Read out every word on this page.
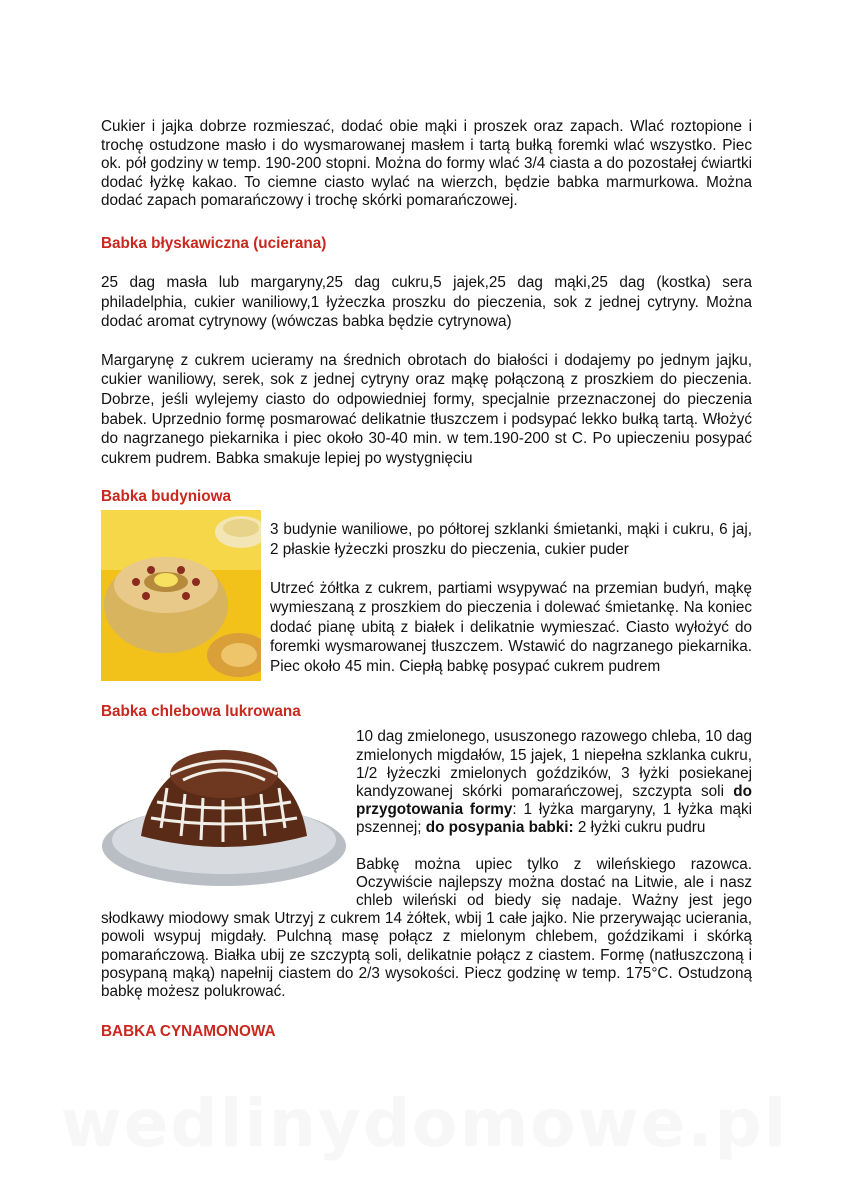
Cukier i jajka dobrze rozmieszać, dodać obie mąki i proszek oraz zapach. Wlać roztopione i trochę ostudzone masło i do wysmarowanej masłem i tartą bułką foremki wlać wszystko. Piec ok. pół godziny w temp. 190-200 stopni. Można do formy wlać 3/4 ciasta a do pozostałej ćwiartki dodać łyżkę kakao. To ciemne ciasto wylać na wierzch, będzie babka marmurkowa. Można dodać zapach pomarańczowy i trochę skórki pomarańczowej.

Babka błyskawiczna (ucierana)

25 dag masła lub margaryny,25 dag cukru,5 jajek,25 dag mąki,25 dag (kostka) sera philadelphia, cukier waniliowy,1 łyżeczka proszku do pieczenia, sok z jednej cytryny. Można dodać aromat cytrynowy (wówczas babka będzie cytrynowa)

Margarynę z cukrem ucieramy na średnich obrotach do białości i dodajemy po jednym jajku, cukier waniliowy, serek, sok z jednej cytryny oraz mąkę połączoną z proszkiem do pieczenia. Dobrze, jeśli wylejemy ciasto do odpowiedniej formy, specjalnie przeznaczonej do pieczenia babek. Uprzednio formę posmarować delikatnie tłuszczem i podsypać lekko bułką tartą. Włożyć do nagrzanego piekarnika i piec około 30-40 min. w tem.190-200 st C. Po upieczeniu posypać cukrem pudrem. Babka smakuje lepiej po wystygnięciu

Babka budyniowa

3 budynie waniliowe, po półtorej szklanki śmietanki, mąki i cukru, 6 jaj, 2 płaskie łyżeczki proszku do pieczenia, cukier puder

Utrzeć żółtka z cukrem, partiami wsypywać na przemian budyń, mąkę wymieszaną z proszkiem do pieczenia i dolewać śmietankę. Na koniec dodać pianę ubitą z białek i delikatnie wymieszać. Ciasto wyłożyć do foremki wysmarowanej tłuszczem. Wstawić do nagrzanego piekarnika. Piec około 45 min. Ciepłą babkę posypać cukrem pudrem

Babka chlebowa lukrowana

10 dag zmielonego, ususzonego razowego chleba, 10 dag zmielonych migdałów, 15 jajek, 1 niepełna szklanka cukru, 1/2 łyżeczki zmielonych goździków, 3 łyżki posiekanej kandyzowanej skórki pomarańczowej, szczypta soli do przygotowania formy: 1 łyżka margaryny, 1 łyżka mąki pszennej; do posypania babki: 2 łyżki cukru pudru

Babkę można upiec tylko z wileńskiego razowca. Oczywiście najlepszy można dostać na Litwie, ale i nasz chleb wileński od biedy się nadaje. Ważny jest jego słodkawy miodowy smak Utrzyj z cukrem 14 żółtek, wbij 1 całe jajko. Nie przerywając ucierania, powoli wsypuj migdały. Pulchną masę połącz z mielonym chlebem, goździkami i skórką pomarańczową. Białka ubij ze szczyptą soli, delikatnie połącz z ciastem. Formę (natłuszczoną i posypaną mąką) napełnij ciastem do 2/3 wysokości. Piecz godzinę w temp. 175°C. Ostudzoną babkę możesz polukrować.

BABKA CYNAMONOWA
wedlinydomowe.pl
